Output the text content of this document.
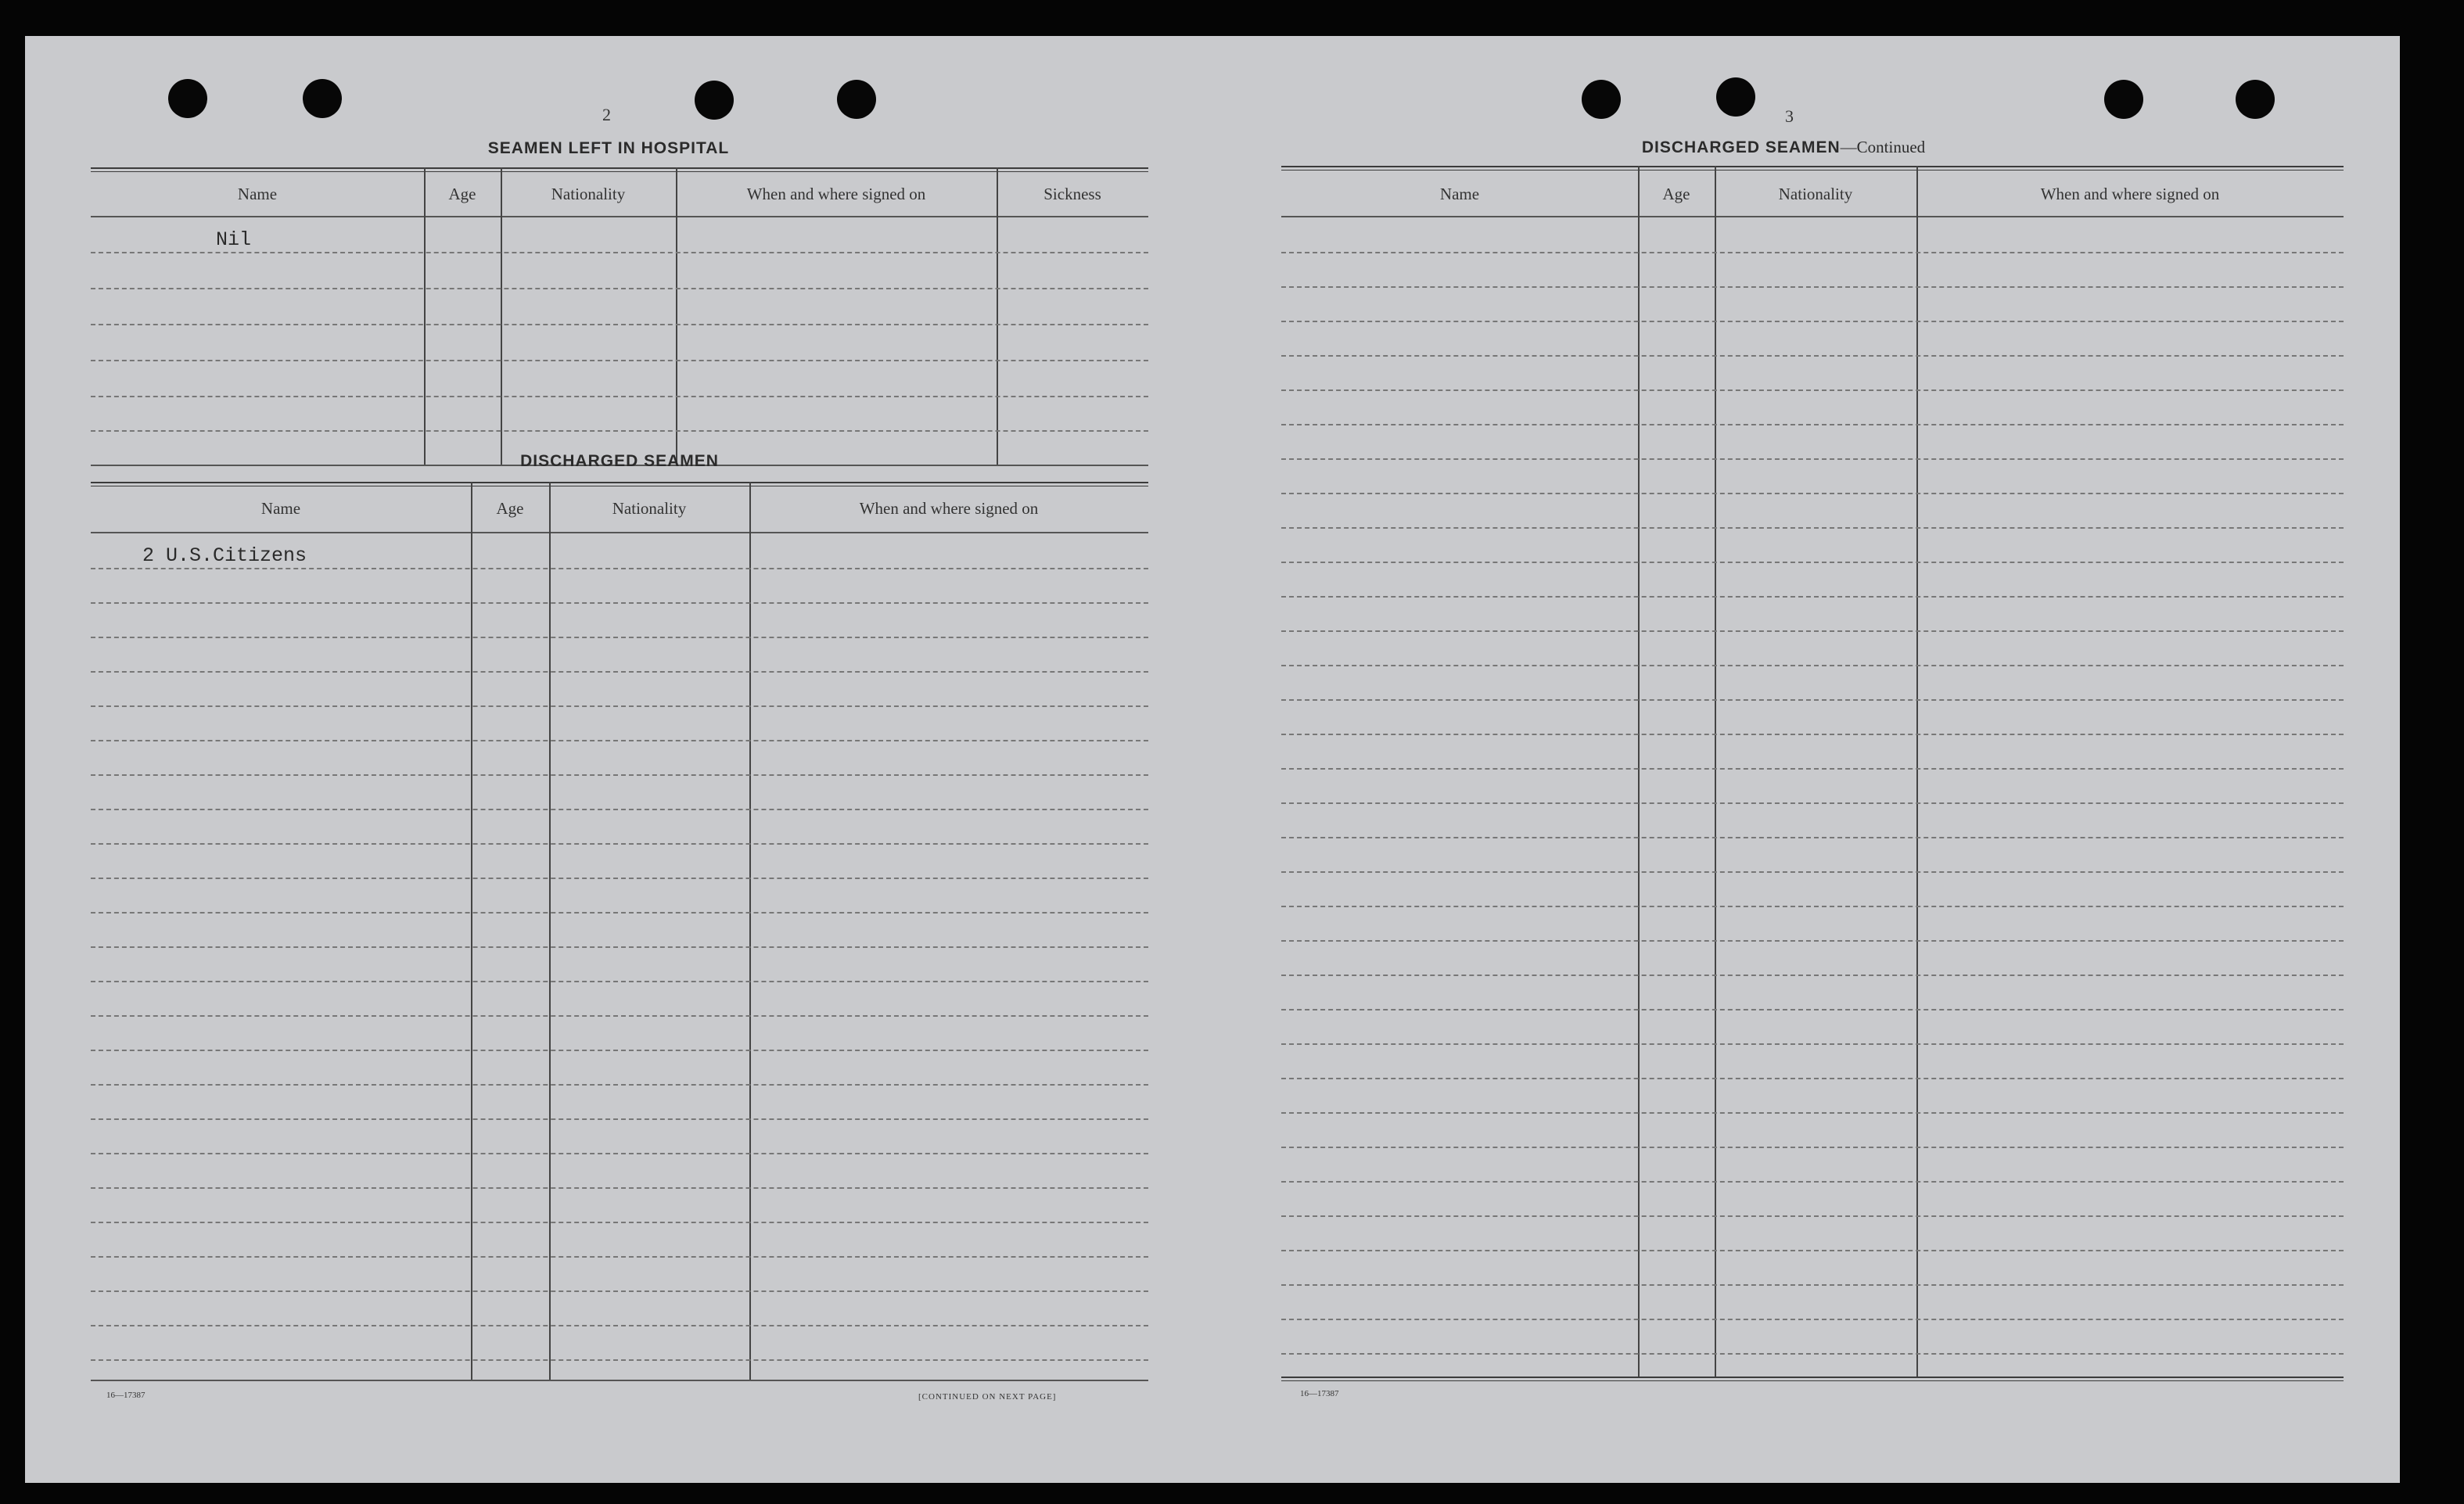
2
SEAMEN LEFT IN HOSPITAL
Name	Age	Nationality	When and where signed on	Sickness
Nil
DISCHARGED SEAMEN
Name	Age	Nationality	When and where signed on
2 U.S.Citizens
16—17387	[CONTINUED ON NEXT PAGE]
3
DISCHARGED SEAMEN—Continued
Name	Age	Nationality	When and where signed on
16—17387
